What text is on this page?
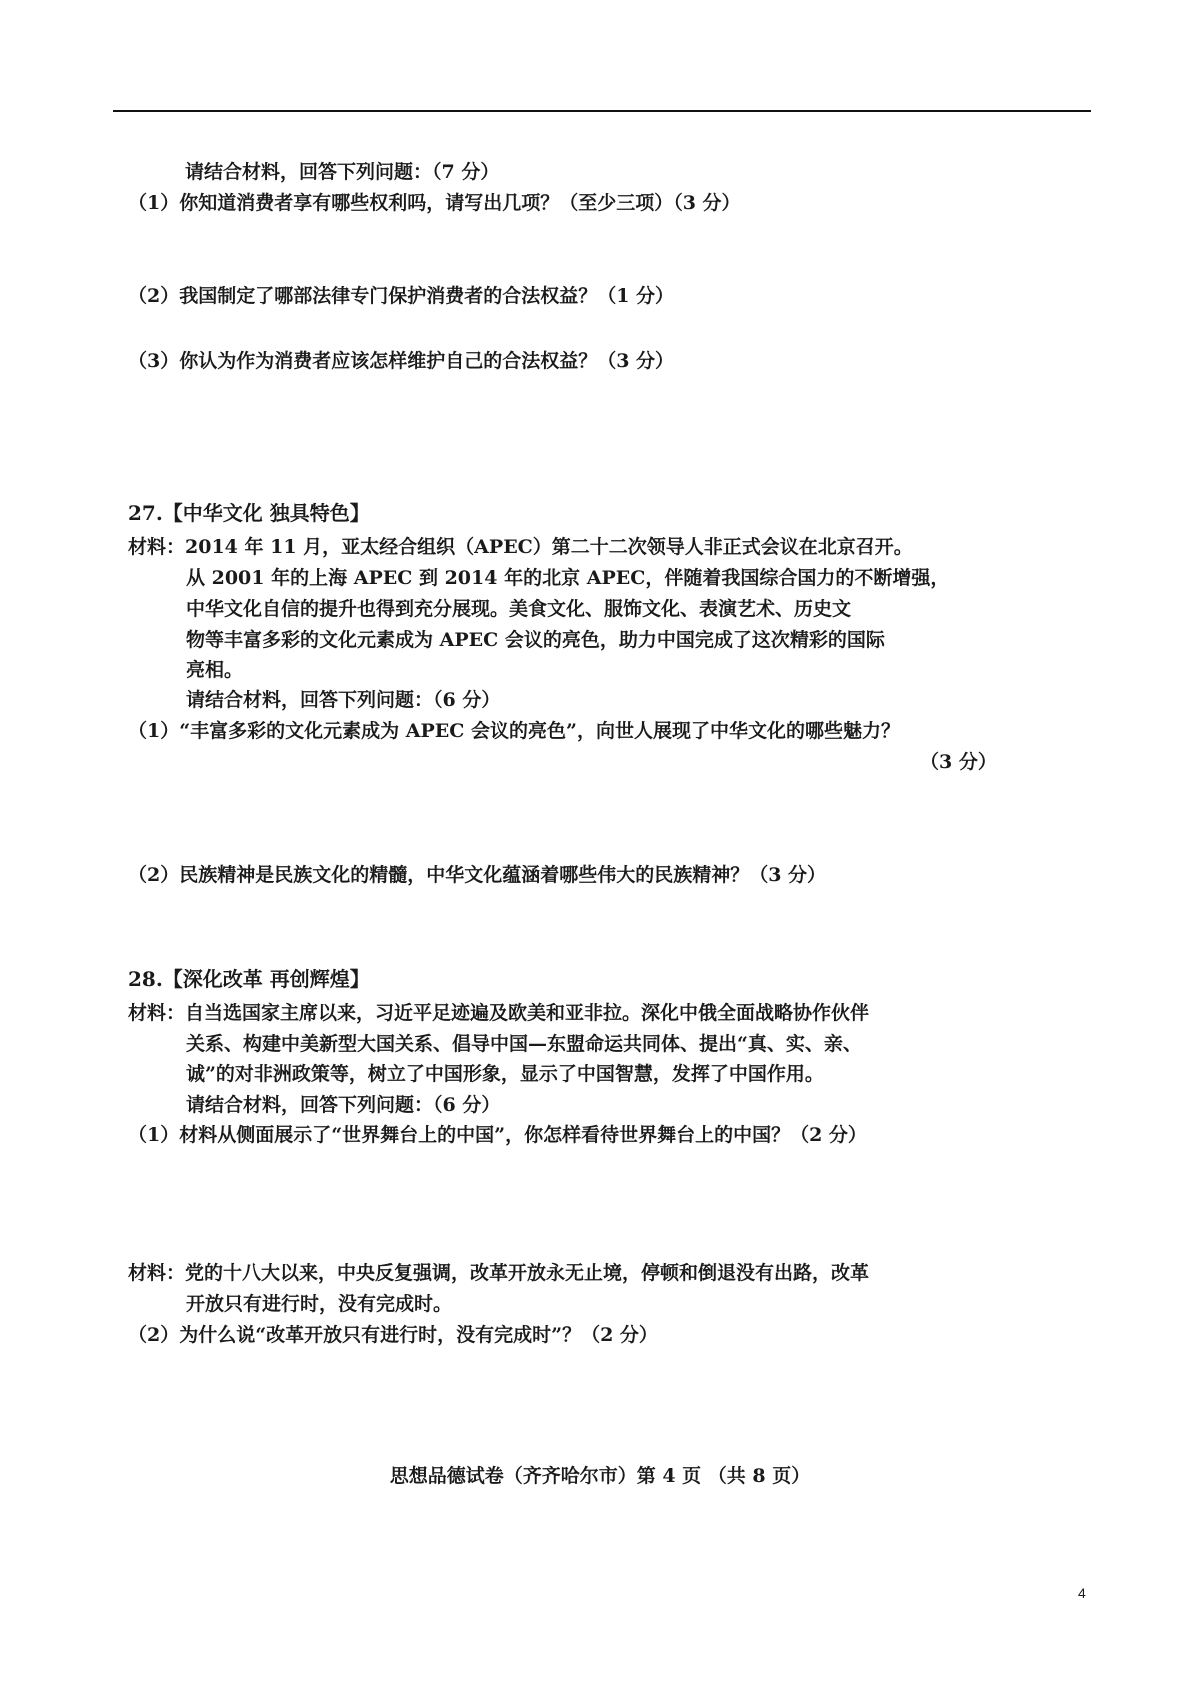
请结合材料，回答下列问题：（7 分）
（1）你知道消费者享有哪些权利吗，请写出几项？（至少三项）（3 分）
（2）我国制定了哪部法律专门保护消费者的合法权益？（1 分）
（3）你认为作为消费者应该怎样维护自己的合法权益？（3 分）
27.【中华文化 独具特色】
材料：2014 年 11 月，亚太经合组织（APEC）第二十二次领导人非正式会议在北京召开。
从 2001 年的上海 APEC 到 2014 年的北京 APEC，伴随着我国综合国力的不断增强，
中华文化自信的提升也得到充分展现。美食文化、服饰文化、表演艺术、历史文
物等丰富多彩的文化元素成为 APEC 会议的亮色，助力中国完成了这次精彩的国际
亮相。
请结合材料，回答下列问题：（6 分）
（1）“丰富多彩的文化元素成为 APEC 会议的亮色”，向世人展现了中华文化的哪些魅力？
（3 分）
（2）民族精神是民族文化的精髓，中华文化蕴涵着哪些伟大的民族精神？（3 分）
28.【深化改革 再创辉煌】
材料：自当选国家主席以来，习近平足迹遍及欧美和亚非拉。深化中俄全面战略协作伙伴
关系、构建中美新型大国关系、倡导中国—东盟命运共同体、提出“真、实、亲、
诚”的对非洲政策等，树立了中国形象，显示了中国智慧，发挥了中国作用。
请结合材料，回答下列问题：（6 分）
（1）材料从侧面展示了“世界舞台上的中国”，你怎样看待世界舞台上的中国？（2 分）
材料：党的十八大以来，中央反复强调，改革开放永无止境，停顿和倒退没有出路，改革
开放只有进行时，没有完成时。
（2）为什么说“改革开放只有进行时，没有完成时”？（2 分）
思想品德试卷（齐齐哈尔市）第 4 页 （共 8 页）
4
